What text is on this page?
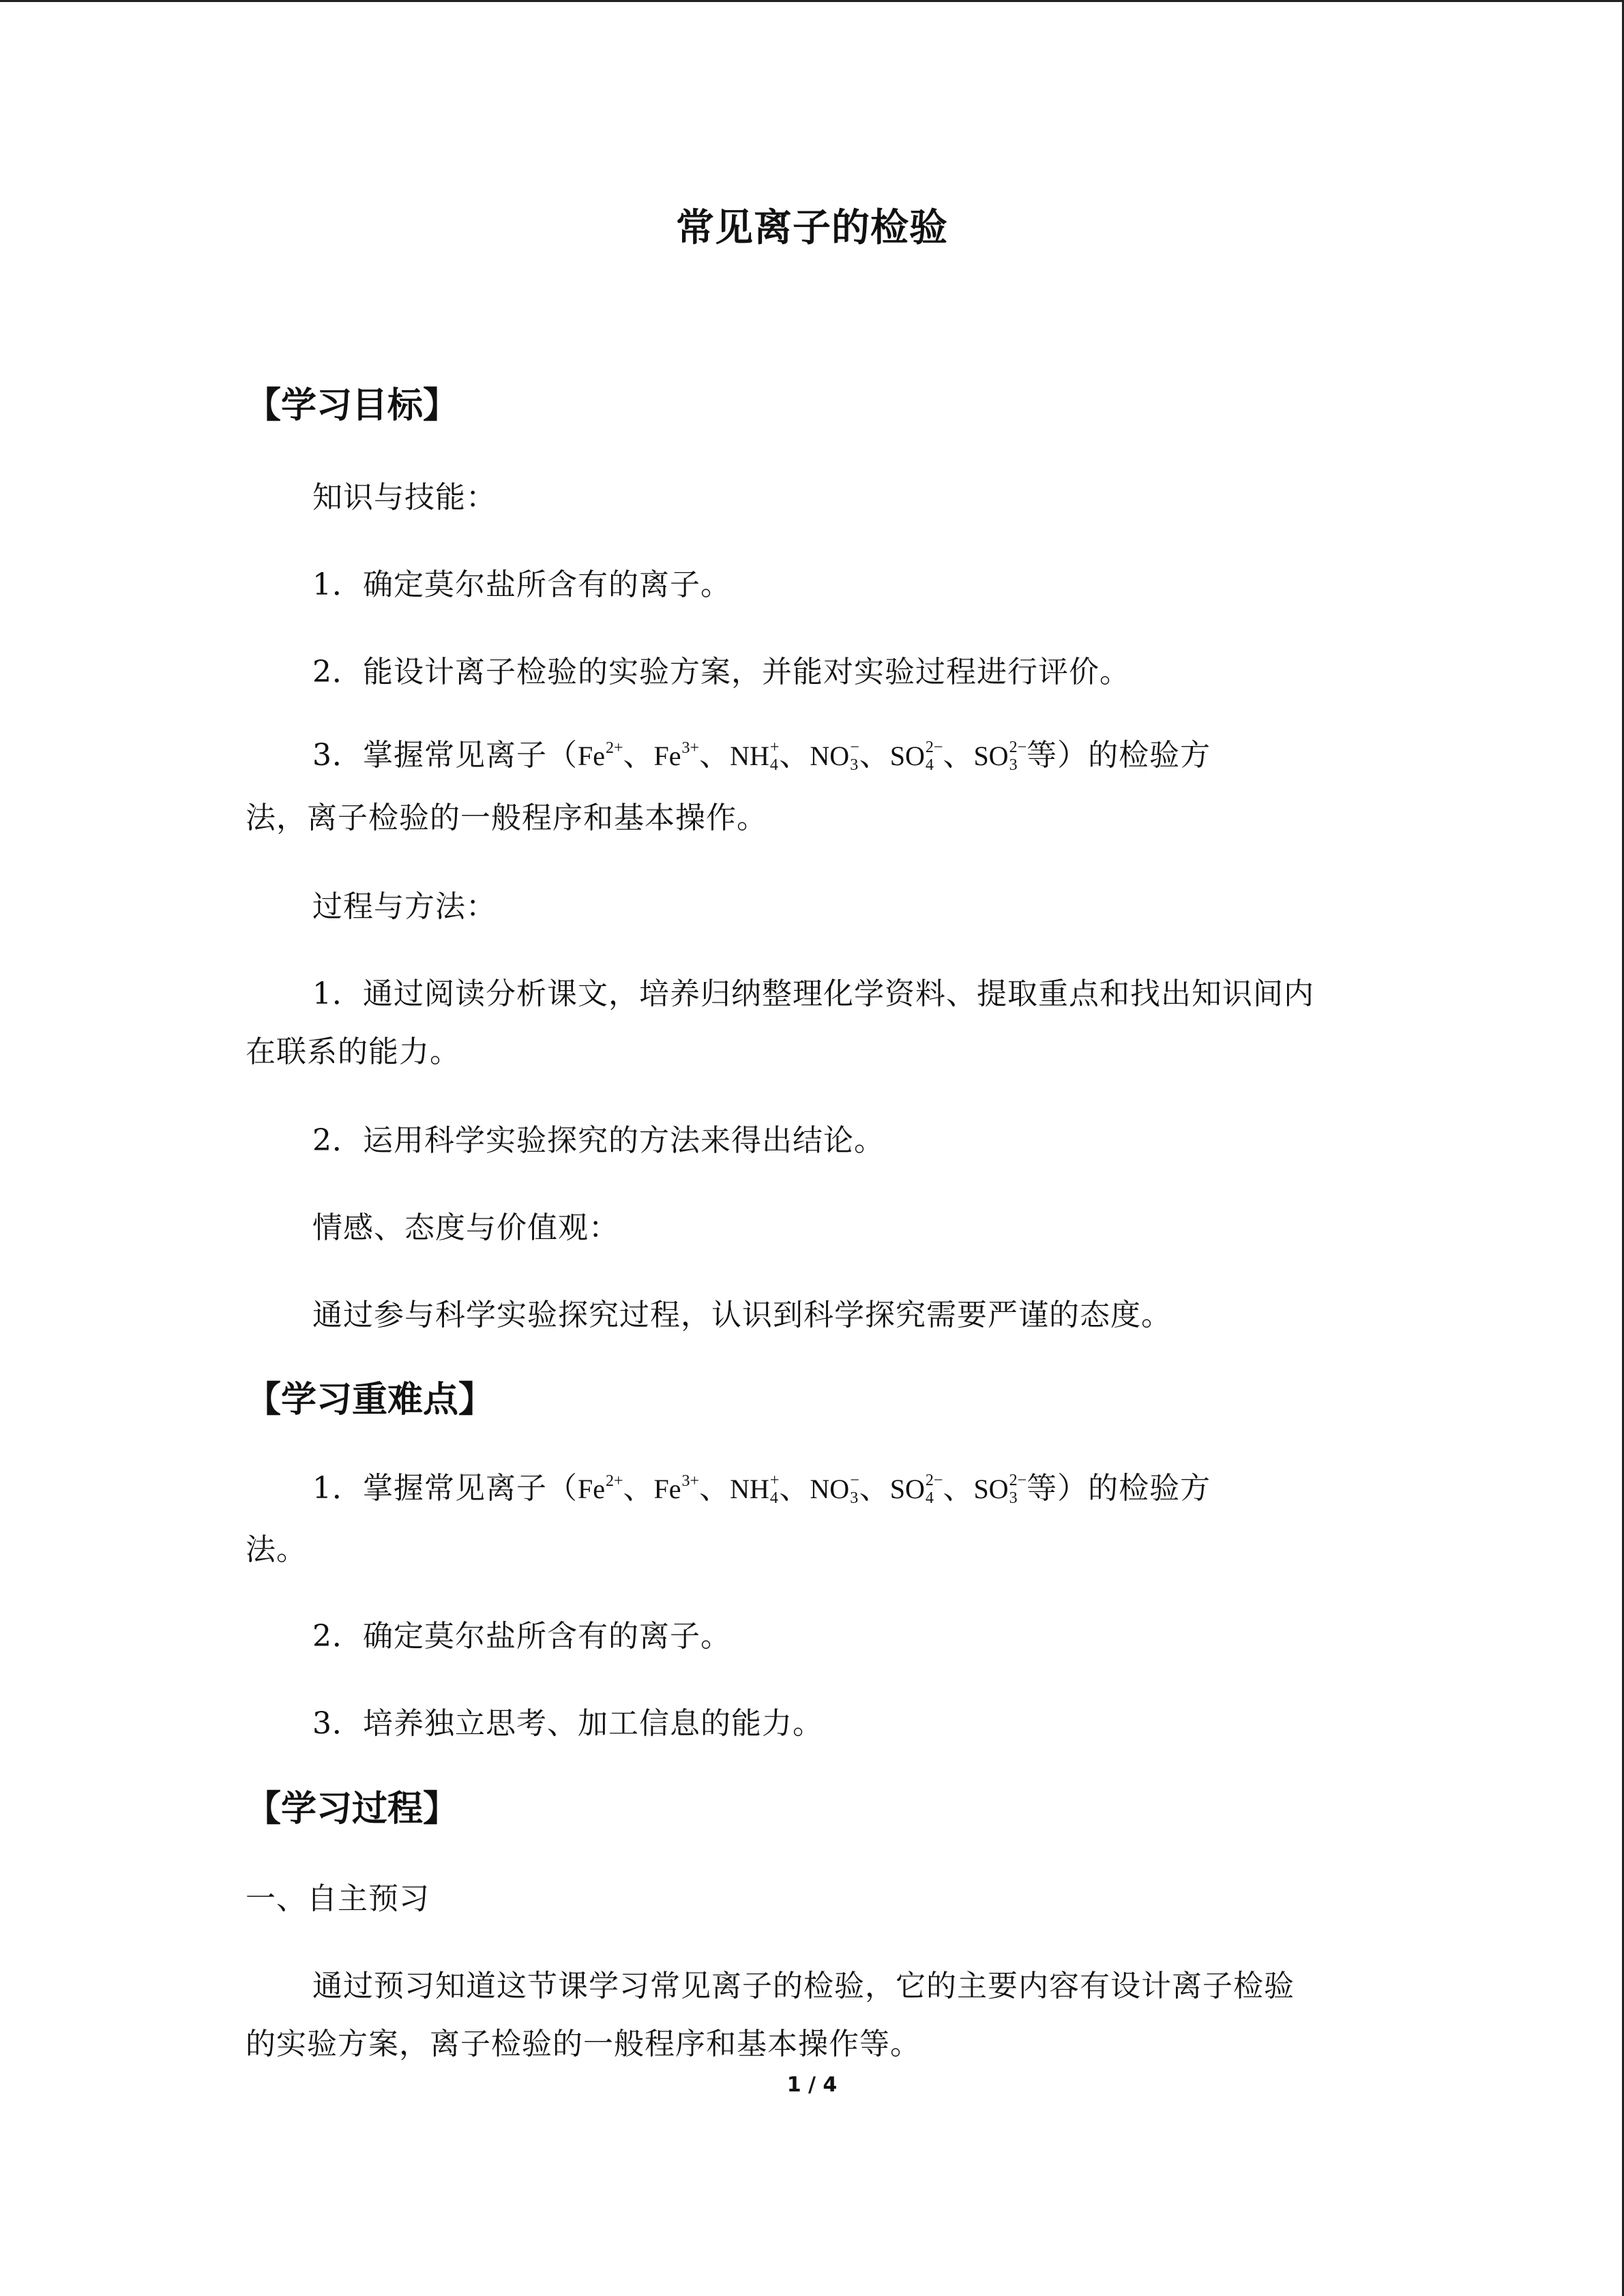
常见离子的检验
【学习目标】
知识与技能：
1．确定莫尔盐所含有的离子。
2．能设计离子检验的实验方案，并能对实验过程进行评价。
3．掌握常见离子（$Fe^{2+}$、$Fe^{3+}$、NH +
4 、NO −
3 、SO 2−
4 、SO 2−
3 等）的检验方
法，离子检验的一般程序和基本操作。
过程与方法：
1．通过阅读分析课文，培养归纳整理化学资料、提取重点和找出知识间内
在联系的能力。
2．运用科学实验探究的方法来得出结论。
情感、态度与价值观：
通过参与科学实验探究过程，认识到科学探究需要严谨的态度。
【学习重难点】
1．掌握常见离子（$Fe^{2+}$、$Fe^{3+}$、NH +
4 、NO −
3 、SO 2−
4 、SO 2−
3 等）的检验方
法。
2．确定莫尔盐所含有的离子。
3．培养独立思考、加工信息的能力。
【学习过程】
一、自主预习
通过预习知道这节课学习常见离子的检验，它的主要内容有设计离子检验
的实验方案，离子检验的一般程序和基本操作等。
1 / 4
